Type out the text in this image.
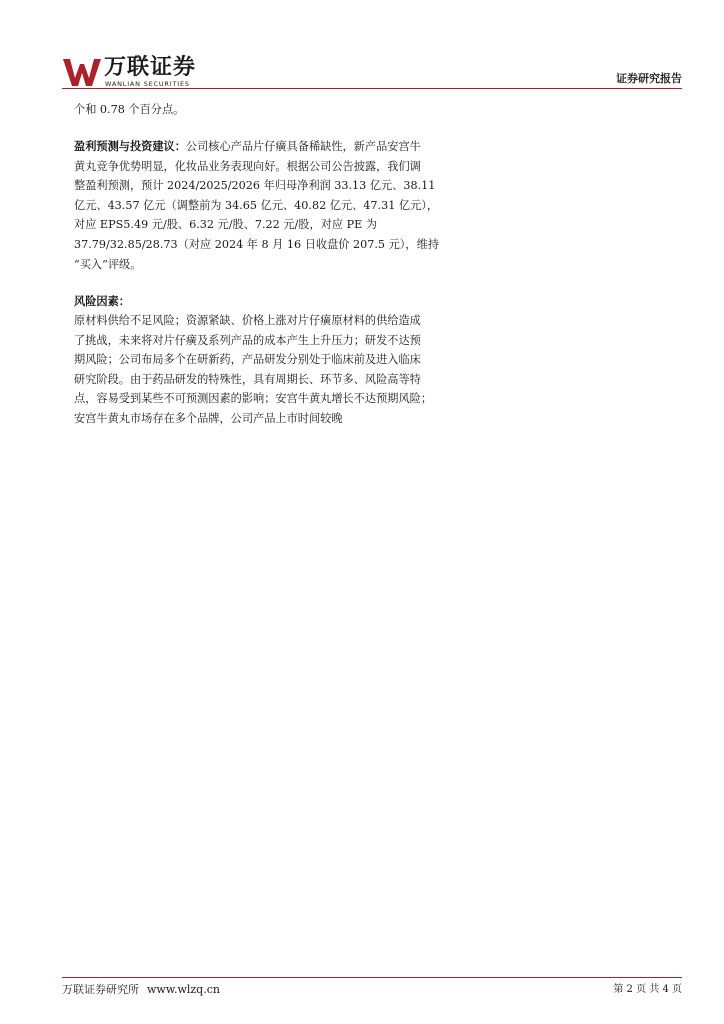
万联证券
WANLIAN SECURITIES	证券研究报告

个和 0.78 个百分点。

盈利预测与投资建议：公司核心产品片仔癀具备稀缺性，新产品安宫牛
黄丸竞争优势明显，化妆品业务表现向好。根据公司公告披露，我们调
整盈利预测，预计 2024/2025/2026 年归母净利润 33.13 亿元、38.11
亿元、43.57 亿元（调整前为 34.65 亿元、40.82 亿元、47.31 亿元），
对应 EPS5.49 元/股、6.32 元/股、7.22 元/股，对应 PE 为
37.79/32.85/28.73（对应 2024 年 8 月 16 日收盘价 207.5 元），维持
“买入”评级。

风险因素：

原材料供给不足风险；资源紧缺、价格上涨对片仔癀原材料的供给造成
了挑战，未来将对片仔癀及系列产品的成本产生上升压力；研发不达预
期风险；公司布局多个在研新药，产品研发分别处于临床前及进入临床
研究阶段。由于药品研发的特殊性，具有周期长、环节多、风险高等特
点，容易受到某些不可预测因素的影响；安宫牛黄丸增长不达预期风险；
安宫牛黄丸市场存在多个品牌，公司产品上市时间较晚

万联证券研究所 www.wlzq.cn	第 2 页 共 4 页
